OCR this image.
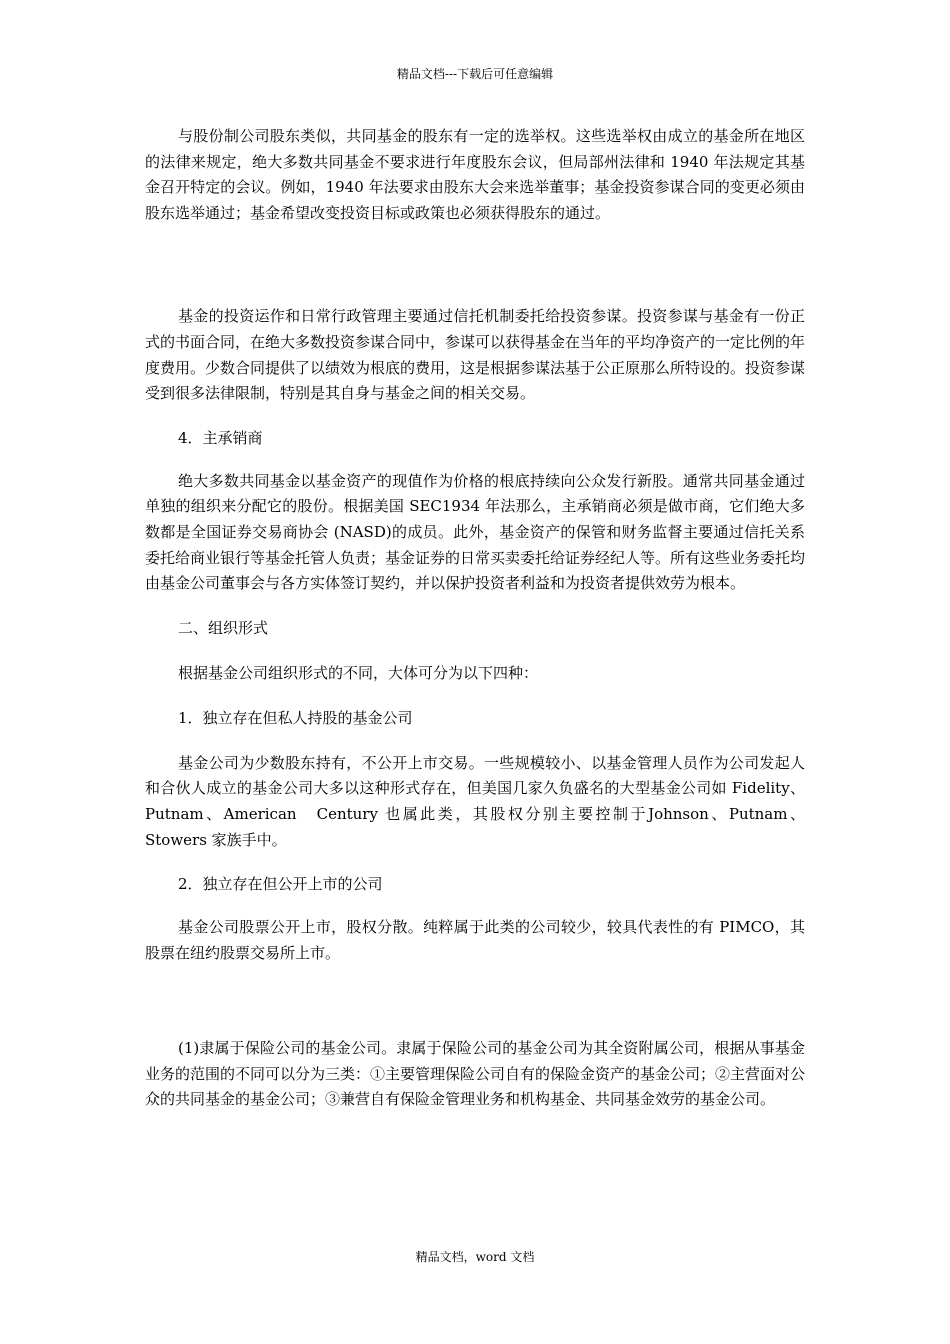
精品文档---下载后可任意编辑

与股份制公司股东类似，共同基金的股东有一定的选举权。这些选举权由成立的基金所在地区的法律来规定，绝大多数共同基金不要求进行年度股东会议，但局部州法律和 1940 年法规定其基金召开特定的会议。例如，1940 年法要求由股东大会来选举董事；基金投资参谋合同的变更必须由股东选举通过；基金希望改变投资目标或政策也必须获得股东的通过。

基金的投资运作和日常行政管理主要通过信托机制委托给投资参谋。投资参谋与基金有一份正式的书面合同，在绝大多数投资参谋合同中，参谋可以获得基金在当年的平均净资产的一定比例的年度费用。少数合同提供了以绩效为根底的费用，这是根据参谋法基于公正原那么所特设的。投资参谋受到很多法律限制，特别是其自身与基金之间的相关交易。

4．主承销商

绝大多数共同基金以基金资产的现值作为价格的根底持续向公众发行新股。通常共同基金通过单独的组织来分配它的股份。根据美国 SEC1934 年法那么，主承销商必须是做市商，它们绝大多数都是全国证券交易商协会 (NASD)的成员。此外，基金资产的保管和财务监督主要通过信托关系委托给商业银行等基金托管人负责；基金证券的日常买卖委托给证券经纪人等。所有这些业务委托均由基金公司董事会与各方实体签订契约，并以保护投资者利益和为投资者提供效劳为根本。

二、组织形式

根据基金公司组织形式的不同，大体可分为以下四种：

1．独立存在但私人持股的基金公司

基金公司为少数股东持有，不公开上市交易。一些规模较小、以基金管理人员作为公司发起人和合伙人成立的基金公司大多以这种形式存在，但美国几家久负盛名的大型基金公司如 Fidelity、Putnam、American　Century 也属此类，其股权分别主要控制于Johnson、Putnam、Stowers 家族手中。

2．独立存在但公开上市的公司

基金公司股票公开上市，股权分散。纯粹属于此类的公司较少，较具代表性的有 PIMCO，其股票在纽约股票交易所上市。

(1)隶属于保险公司的基金公司。隶属于保险公司的基金公司为其全资附属公司，根据从事基金业务的范围的不同可以分为三类：①主要管理保险公司自有的保险金资产的基金公司；②主营面对公众的共同基金的基金公司；③兼营自有保险金管理业务和机构基金、共同基金效劳的基金公司。

精品文档，word 文档
